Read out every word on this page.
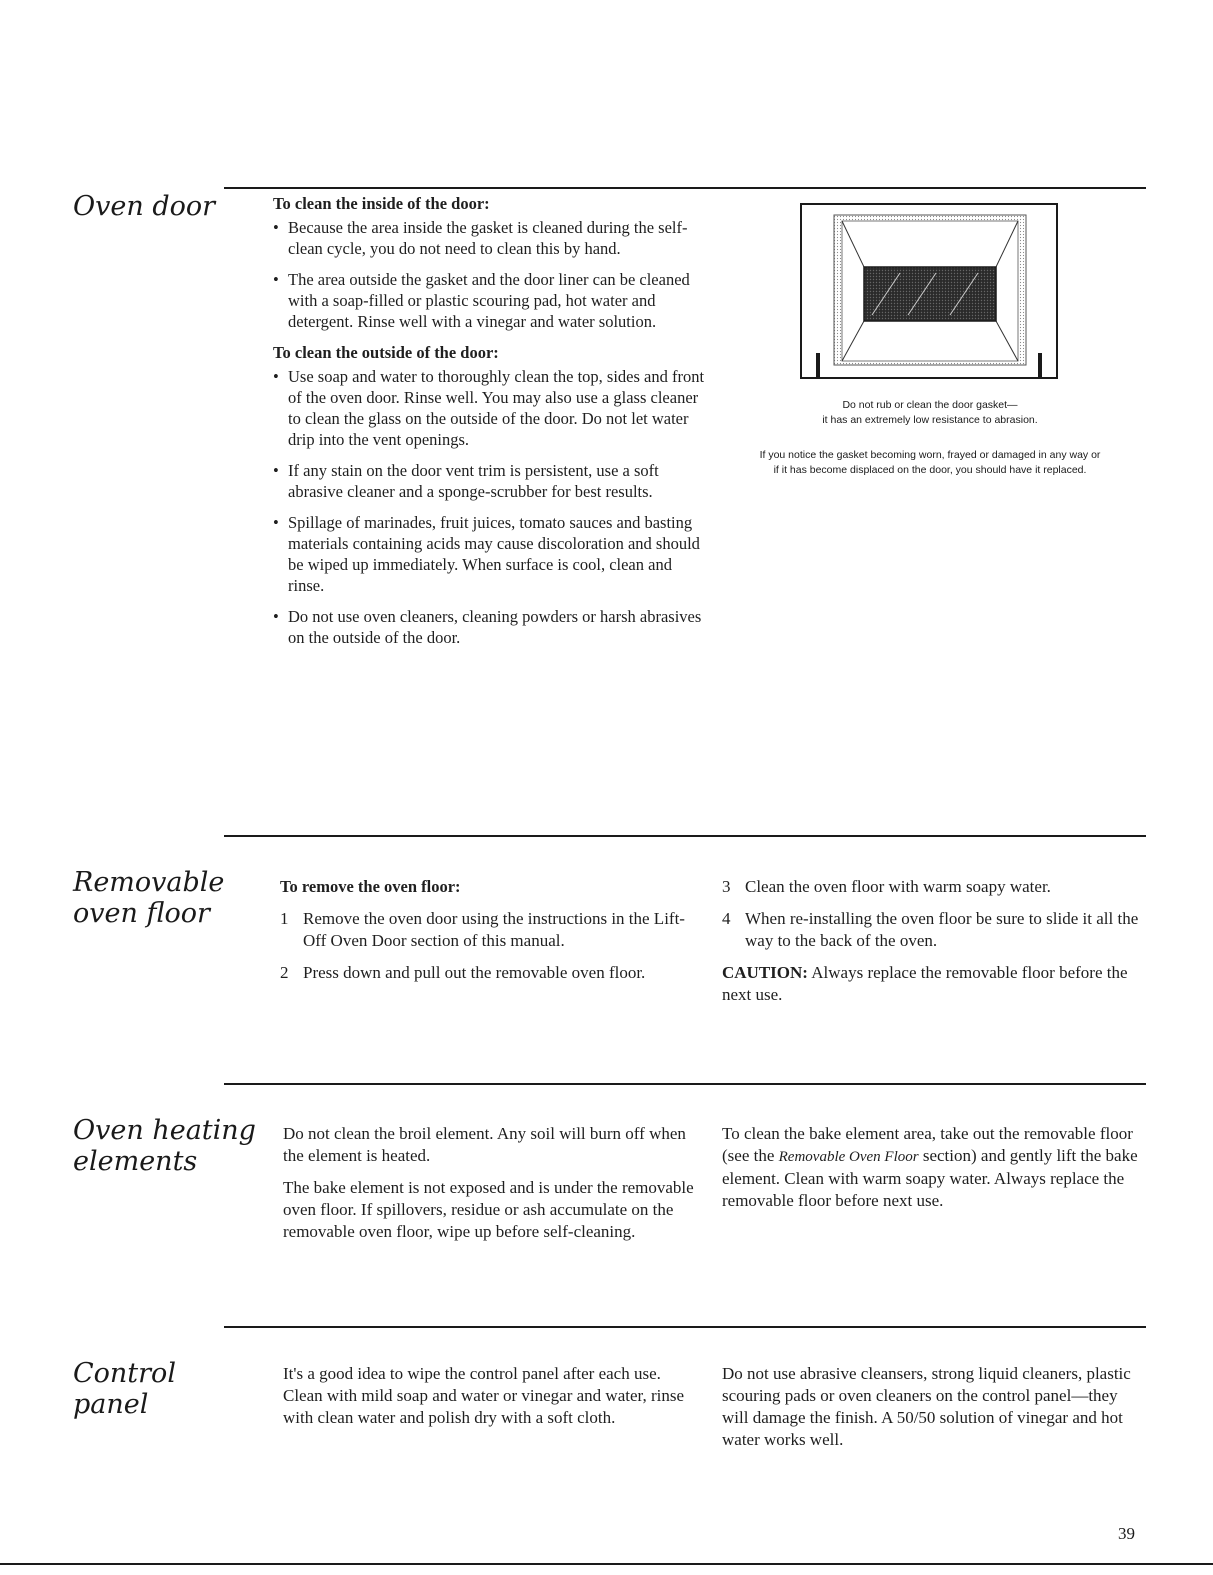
Oven door	To clean the inside of the door:
• Because the area inside the gasket is cleaned during the self-clean cycle, you do not need to clean this by hand.
• The area outside the gasket and the door liner can be cleaned with a soap-filled or plastic scouring pad, hot water and detergent. Rinse well with a vinegar and water solution.
To clean the outside of the door:
• Use soap and water to thoroughly clean the top, sides and front of the oven door. Rinse well. You may also use a glass cleaner to clean the glass on the outside of the door. Do not let water drip into the vent openings.
• If any stain on the door vent trim is persistent, use a soft abrasive cleaner and a sponge-scrubber for best results.
• Spillage of marinades, fruit juices, tomato sauces and basting materials containing acids may cause discoloration and should be wiped up immediately. When surface is cool, clean and rinse.
• Do not use oven cleaners, cleaning powders or harsh abrasives on the outside of the door.
Do not rub or clean the door gasket—
it has an extremely low resistance to abrasion.
If you notice the gasket becoming worn, frayed or damaged in any way or
if it has become displaced on the door, you should have it replaced.
Removable
oven floor
To remove the oven floor:
1 Remove the oven door using the instructions in the Lift-Off Oven Door section of this manual.
2 Press down and pull out the removable oven floor.
3 Clean the oven floor with warm soapy water.
4 When re-installing the oven floor be sure to slide it all the way to the back of the oven.

CAUTION: Always replace the removable floor before the next use.

Oven heating
elements

Do not clean the broil element. Any soil will burn off when the element is heated.

The bake element is not exposed and is under the removable oven floor. If spillovers, residue or ash accumulate on the removable oven floor, wipe up before self-cleaning.

To clean the bake element area, take out the removable floor (see the Removable Oven Floor section) and gently lift the bake element. Clean with warm soapy water. Always replace the removable floor before next use.

Control
panel

It's a good idea to wipe the control panel after each use. Clean with mild soap and water or vinegar and water, rinse with clean water and polish dry with a soft cloth.

Do not use abrasive cleansers, strong liquid cleaners, plastic scouring pads or oven cleaners on the control panel—they will damage the finish. A 50/50 solution of vinegar and hot water works well.

39
